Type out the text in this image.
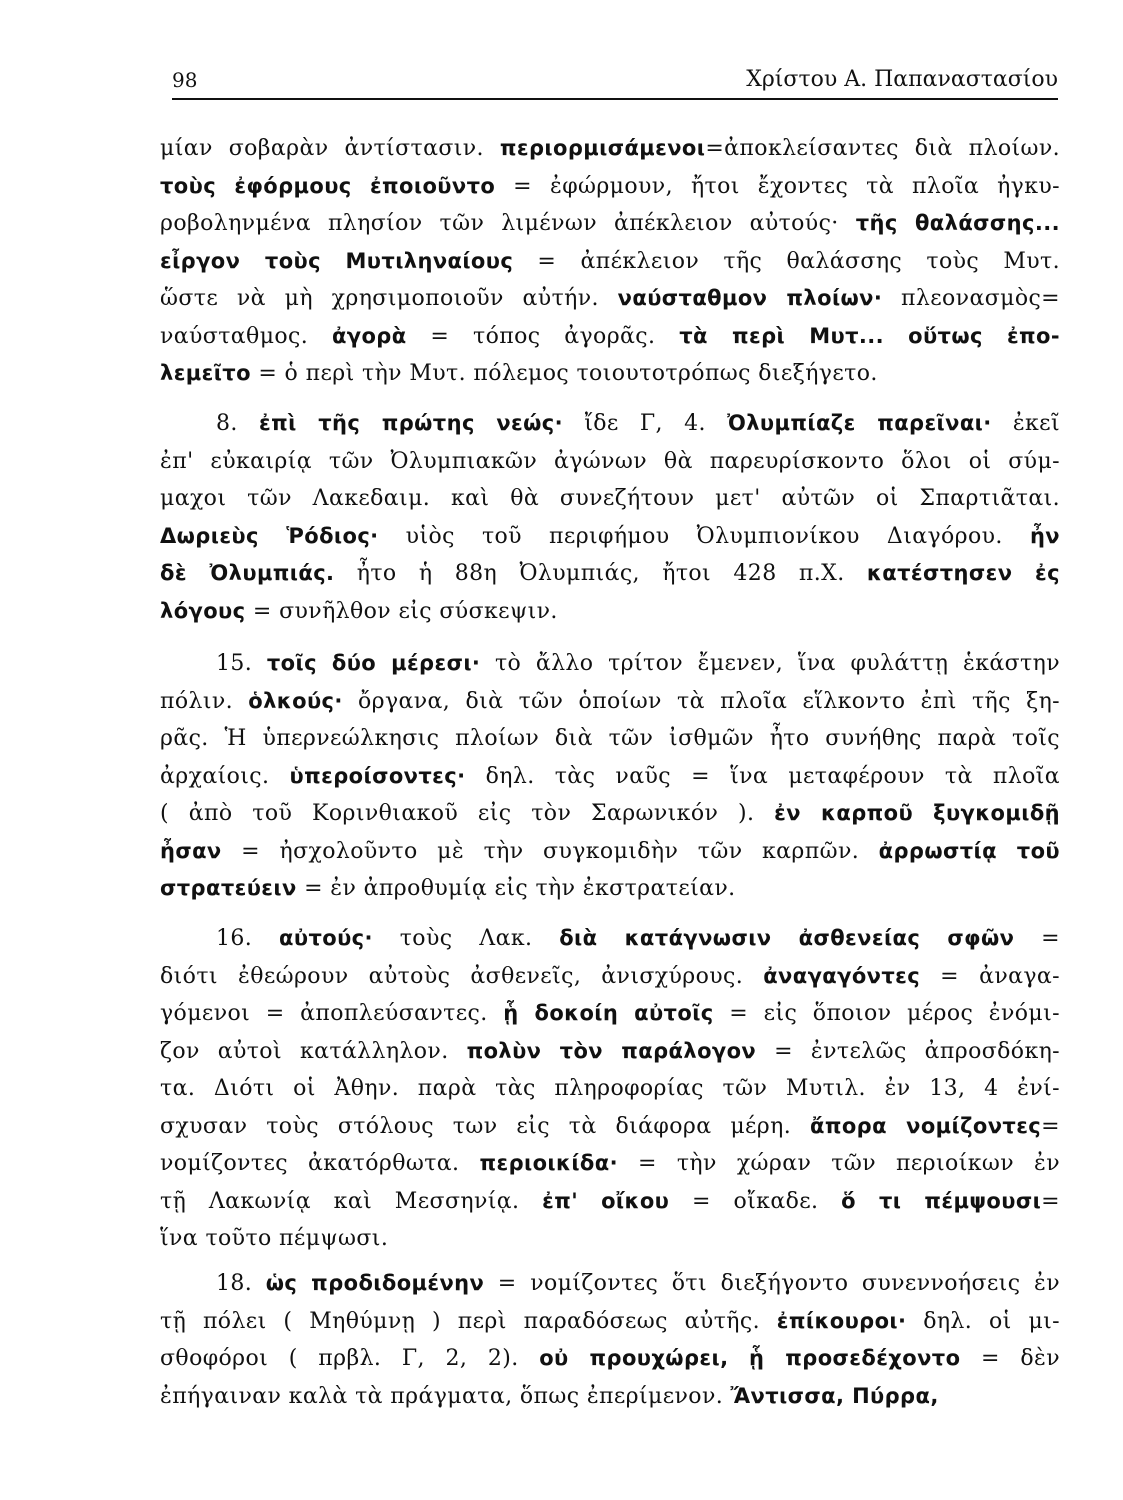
98	Χρίστου Α. Παπαναστασίου
μίαν σοβαρὰν ἀντίστασιν. περιορμισάμενοι=ἀποκλείσαντες διὰ πλοίων.
τοὺς ἐφόρμους ἐποιοῦντο = ἐφώρμουν, ἤτοι ἔχοντες τὰ πλοῖα ἠγκυ-
ροβοληνμένα πλησίον τῶν λιμένων ἀπέκλειον αὐτούς· τῆς θαλάσσης...
εἶργον τοὺς Μυτιληναίους = ἀπέκλειον τῆς θαλάσσης τοὺς Μυτ.
ὥστε νὰ μὴ χρησιμοποιοῦν αὐτήν. ναύσταθμον πλοίων· πλεονασμὸς=
ναύσταθμος. ἀγορὰ = τόπος ἀγορᾶς. τὰ περὶ Μυτ... οὕτως ἐπο-
λεμεῖτο = ὁ περὶ τὴν Μυτ. πόλεμος τοιουτοτρόπως διεξήγετο.
8. ἐπὶ τῆς πρώτης νεώς· ἴδε Γ, 4. Ὀλυμπίαζε παρεῖναι· ἐκεῖ
ἐπ' εὐκαιρίᾳ τῶν Ὀλυμπιακῶν ἀγώνων θὰ παρευρίσκοντο ὅλοι οἱ σύμ-
μαχοι τῶν Λακεδαιμ. καὶ θὰ συνεζήτουν μετ' αὐτῶν οἱ Σπαρτιᾶται.
Δωριεὺς Ῥόδιος· υἱὸς τοῦ περιφήμου Ὀλυμπιονίκου Διαγόρου. ἦν
δὲ Ὀλυμπιάς. ἦτο ἡ 88η Ὀλυμπιάς, ἤτοι 428 π.Χ. κατέστησεν ἐς
λόγους = συνῆλθον εἰς σύσκεψιν.
15. τοῖς δύο μέρεσι· τὸ ἄλλο τρίτον ἔμενεν, ἵνα φυλάττῃ ἑκάστην
πόλιν. ὁλκούς· ὄργανα, διὰ τῶν ὁποίων τὰ πλοῖα εἵλκοντο ἐπὶ τῆς ξη-
ρᾶς. Ἡ ὑπερνεώλκησις πλοίων διὰ τῶν ἰσθμῶν ἦτο συνήθης παρὰ τοῖς
ἀρχαίοις. ὑπεροίσοντες· δηλ. τὰς ναῦς = ἵνα μεταφέρουν τὰ πλοῖα
( ἀπὸ τοῦ Κορινθιακοῦ εἰς τὸν Σαρωνικόν ). ἐν καρποῦ ξυγκομιδῇ
ἦσαν = ἠσχολοῦντο μὲ τὴν συγκομιδὴν τῶν καρπῶν. ἀρρωστίᾳ τοῦ
στρατεύειν = ἐν ἀπροθυμίᾳ εἰς τὴν ἐκστρατείαν.
16. αὐτούς· τοὺς Λακ. διὰ κατάγνωσιν ἀσθενείας σφῶν =
διότι ἐθεώρουν αὐτοὺς ἀσθενεῖς, ἀνισχύρους. ἀναγαγόντες = ἀναγα-
γόμενοι = ἀποπλεύσαντες. ᾗ δοκοίη αὐτοῖς = εἰς ὅποιον μέρος ἐνόμι-
ζον αὐτοὶ κατάλληλον. πολὺν τὸν παράλογον = ἐντελῶς ἀπροσδόκη-
τα. Διότι οἱ Ἀθην. παρὰ τὰς πληροφορίας τῶν Μυτιλ. ἐν 13, 4 ἐνί-
σχυσαν τοὺς στόλους των εἰς τὰ διάφορα μέρη. ἄπορα νομίζοντες=
νομίζοντες ἀκατόρθωτα. περιοικίδα· = τὴν χώραν τῶν περιοίκων ἐν
τῇ Λακωνίᾳ καὶ Μεσσηνίᾳ. ἐπ' οἴκου = οἴκαδε. ὅ τι πέμψουσι=
ἵνα τοῦτο πέμψωσι.
18. ὡς προδιδομένην = νομίζοντες ὅτι διεξήγοντο συνεννοήσεις ἐν
τῇ πόλει ( Μηθύμνῃ ) περὶ παραδόσεως αὐτῆς. ἐπίκουροι· δηλ. οἱ μι-
σθοφόροι ( πρβλ. Γ, 2, 2). οὐ προυχώρει, ᾗ προσεδέχοντο = δὲν
ἐπήγαιναν καλὰ τὰ πράγματα, ὅπως ἐπερίμενον. Ἄντισσα, Πύρρα,
